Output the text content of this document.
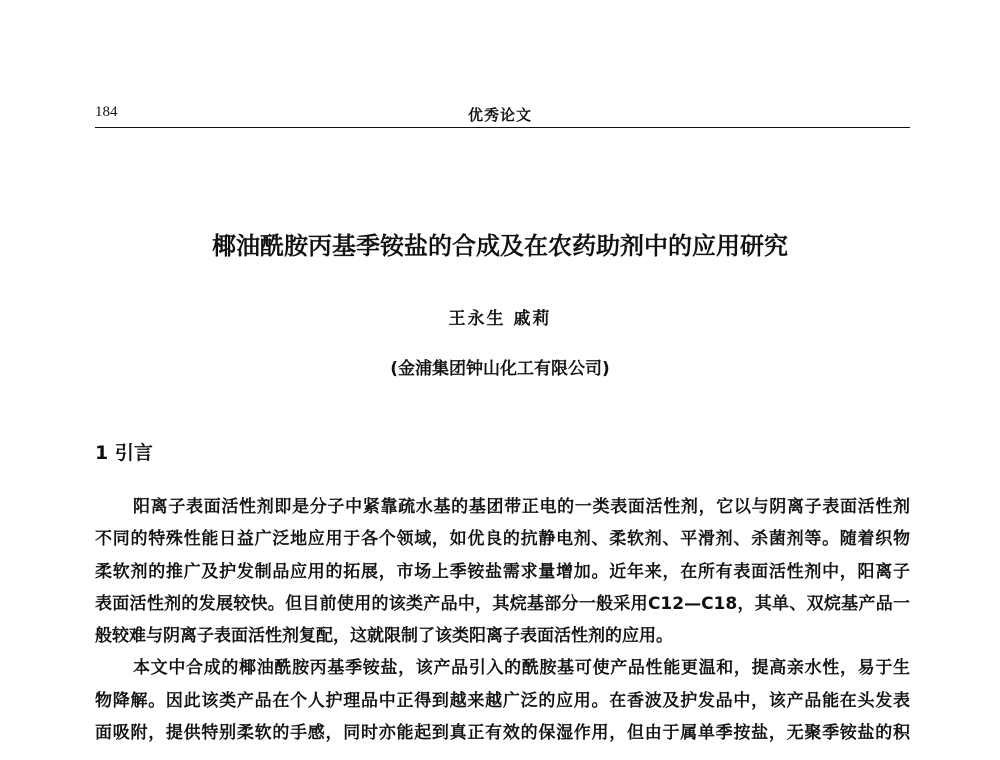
184	优秀论文
椰油酰胺丙基季铵盐的合成及在农药助剂中的应用研究
王永生 戚莉
(金浦集团钟山化工有限公司)
1 引言
阳离子表面活性剂即是分子中紧靠疏水基的基团带正电的一类表面活性剂，它以与阴离子表面活性剂
不同的特殊性能日益广泛地应用于各个领域，如优良的抗静电剂、柔软剂、平滑剂、杀菌剂等。随着织物
柔软剂的推广及护发制品应用的拓展，市场上季铵盐需求量增加。近年来，在所有表面活性剂中，阳离子
表面活性剂的发展较快。但目前使用的该类产品中，其烷基部分一般采用C12—C18，其单、双烷基产品一
般较难与阴离子表面活性剂复配，这就限制了该类阳离子表面活性剂的应用。
本文中合成的椰油酰胺丙基季铵盐，该产品引入的酰胺基可使产品性能更温和，提高亲水性，易于生
物降解。因此该类产品在个人护理品中正得到越来越广泛的应用。在香波及护发品中，该产品能在头发表
面吸附，提供特别柔软的手感，同时亦能起到真正有效的保湿作用，但由于属单季按盐，无聚季铵盐的积
